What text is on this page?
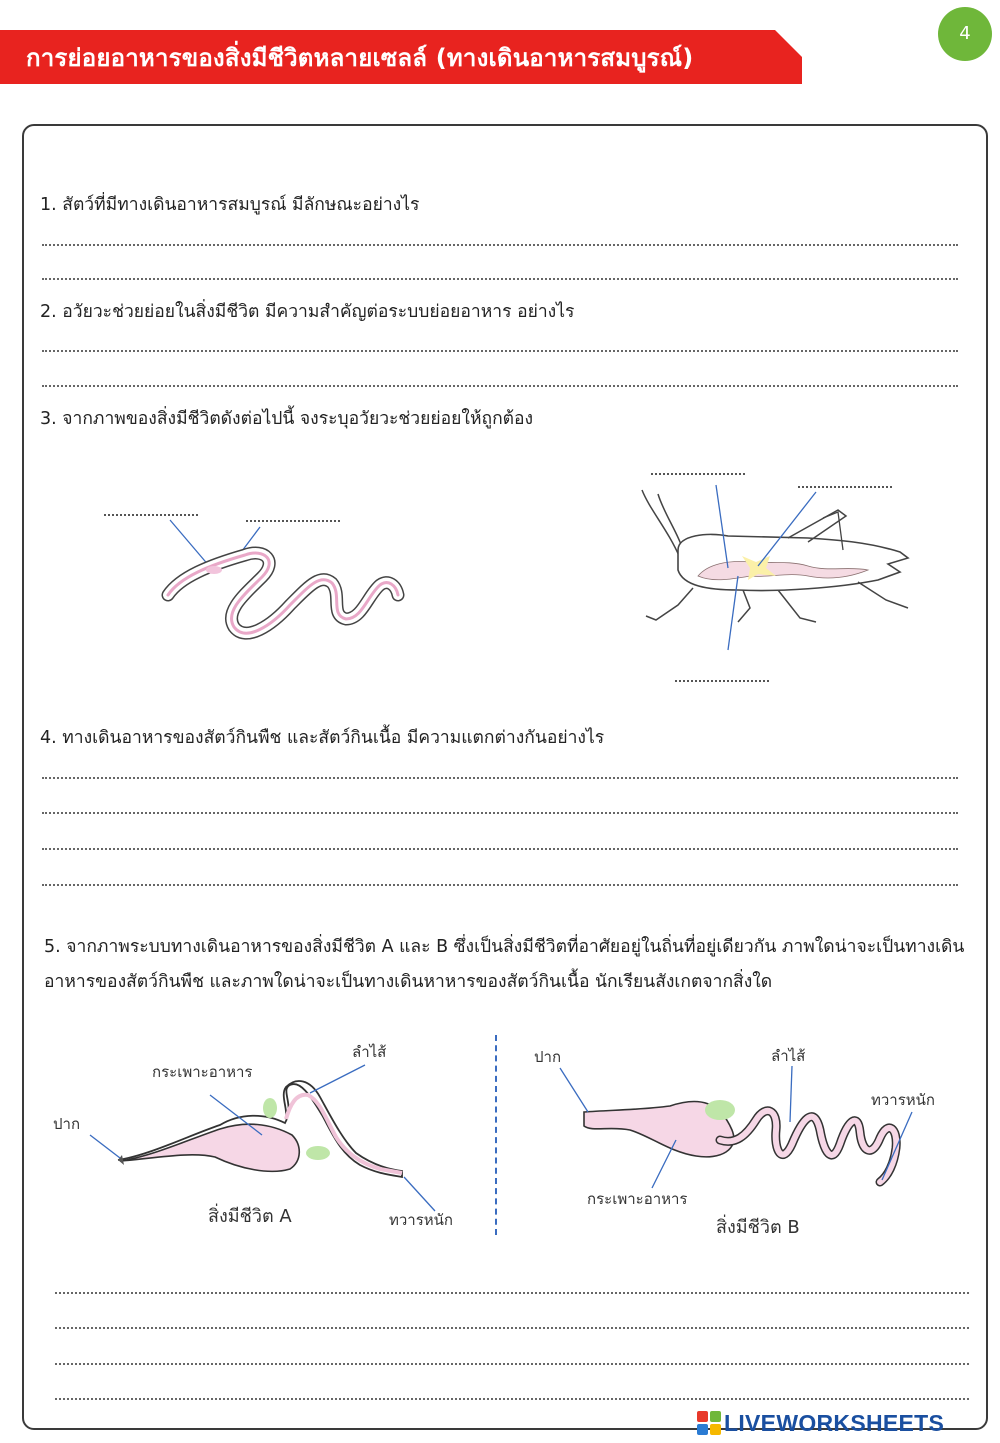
การย่อยอาหารของสิ่งมีชีวิตหลายเซลล์ (ทางเดินอาหารสมบูรณ์)
4
1. สัตว์ที่มีทางเดินอาหารสมบูรณ์ มีลักษณะอย่างไร
2. อวัยวะช่วยย่อยในสิ่งมีชีวิต มีความสำคัญต่อระบบย่อยอาหาร อย่างไร
3. จากภาพของสิ่งมีชีวิตดังต่อไปนี้ จงระบุอวัยวะช่วยย่อยให้ถูกต้อง
4. ทางเดินอาหารของสัตว์กินพืช และสัตว์กินเนื้อ มีความแตกต่างกันอย่างไร
5. จากภาพระบบทางเดินอาหารของสิ่งมีชีวิต A และ B ซึ่งเป็นสิ่งมีชีวิตที่อาศัยอยู่ในถิ่นที่อยู่เดียวกัน ภาพใดน่าจะเป็นทางเดินอาหารของสัตว์กินพืช และภาพใดน่าจะเป็นทางเดินหาหารของสัตว์กินเนื้อ นักเรียนสังเกตจากสิ่งใด
กระเพาะอาหาร
ลำไส้
ปาก
ทวารหนัก
สิ่งมีชีวิต A
ปาก	ลำไส้
ทวารหนัก
กระเพาะอาหาร
สิ่งมีชีวิต B
LIVEWORKSHEETS
